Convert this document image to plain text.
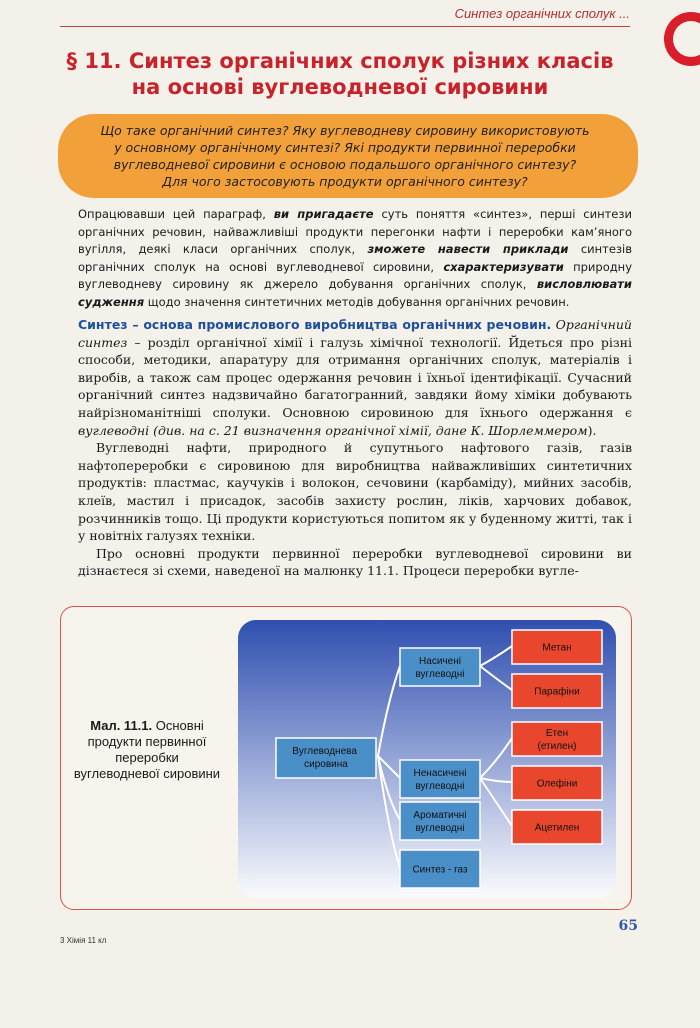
Синтез органічних сполук ...
§ 11. Синтез органічних сполук різних класів
на основі вуглеводневої сировини
Що таке органічний синтез? Яку вуглеводневу сировину використовують
у основному органічному синтезі? Які продукти первинної переробки
вуглеводневої сировини є основою подальшого органічного синтезу?
Для чого застосовують продукти органічного синтезу?
Опрацювавши цей параграф, ви пригадаєте суть поняття «синтез», перші синтези органічних речовин, найважливіші продукти перегонки нафти і переробки кам’яного вугілля, деякі класи органічних сполук, зможете навести приклади синтезів органічних сполук на основі вуглеводневої сировини, схарактеризувати природну вуглеводневу сировину як джерело добування органічних сполук, висловлювати судження щодо значення синтетичних методів добування органічних речовин.

Синтез – основа промислового виробництва органічних речовин. Органічний синтез – розділ органічної хімії і галузь хімічної технології. Йдеться про різні способи, методики, апаратуру для отримання органічних сполук, матеріалів і виробів, а також сам процес одержання речовин і їхньої ідентифікації. Сучасний органічний синтез надзвичайно багатогранний, завдяки йому хіміки добувають найрізноманітніші сполуки. Основною сировиною для їхнього одержання є вуглеводні (див. на с. 21 визначення органічної хімії, дане К. Шорлеммером).

Вуглеводні нафти, природного й супутнього нафтового газів, газів нафтопереробки є сировиною для виробництва найважливіших синтетичних продуктів: пластмас, каучуків і волокон, сечовини (карбаміду), мийних засобів, клеїв, мастил і присадок, засобів захисту рослин, ліків, харчових добавок, розчинників тощо. Ці продукти користуються попитом як у буденному житті, так і у новітніх галузях техніки.

Про основні продукти первинної переробки вуглеводневої сировини ви дізнаєтеся зі схеми, наведеної на малюнку 11.1. Процеси переробки вугле-

Мал. 11.1. Основні продукти первинної переробки вуглеводневої сировини
Вуглеводнева сировина
Насичені вуглеводні
Ненасичені вуглеводні
Ароматичні вуглеводні
Синтез - газ
Метан
Парафіни
Етен (етилен)
Олефіни
Ацетилен
65
3 Хімія 11 кл
